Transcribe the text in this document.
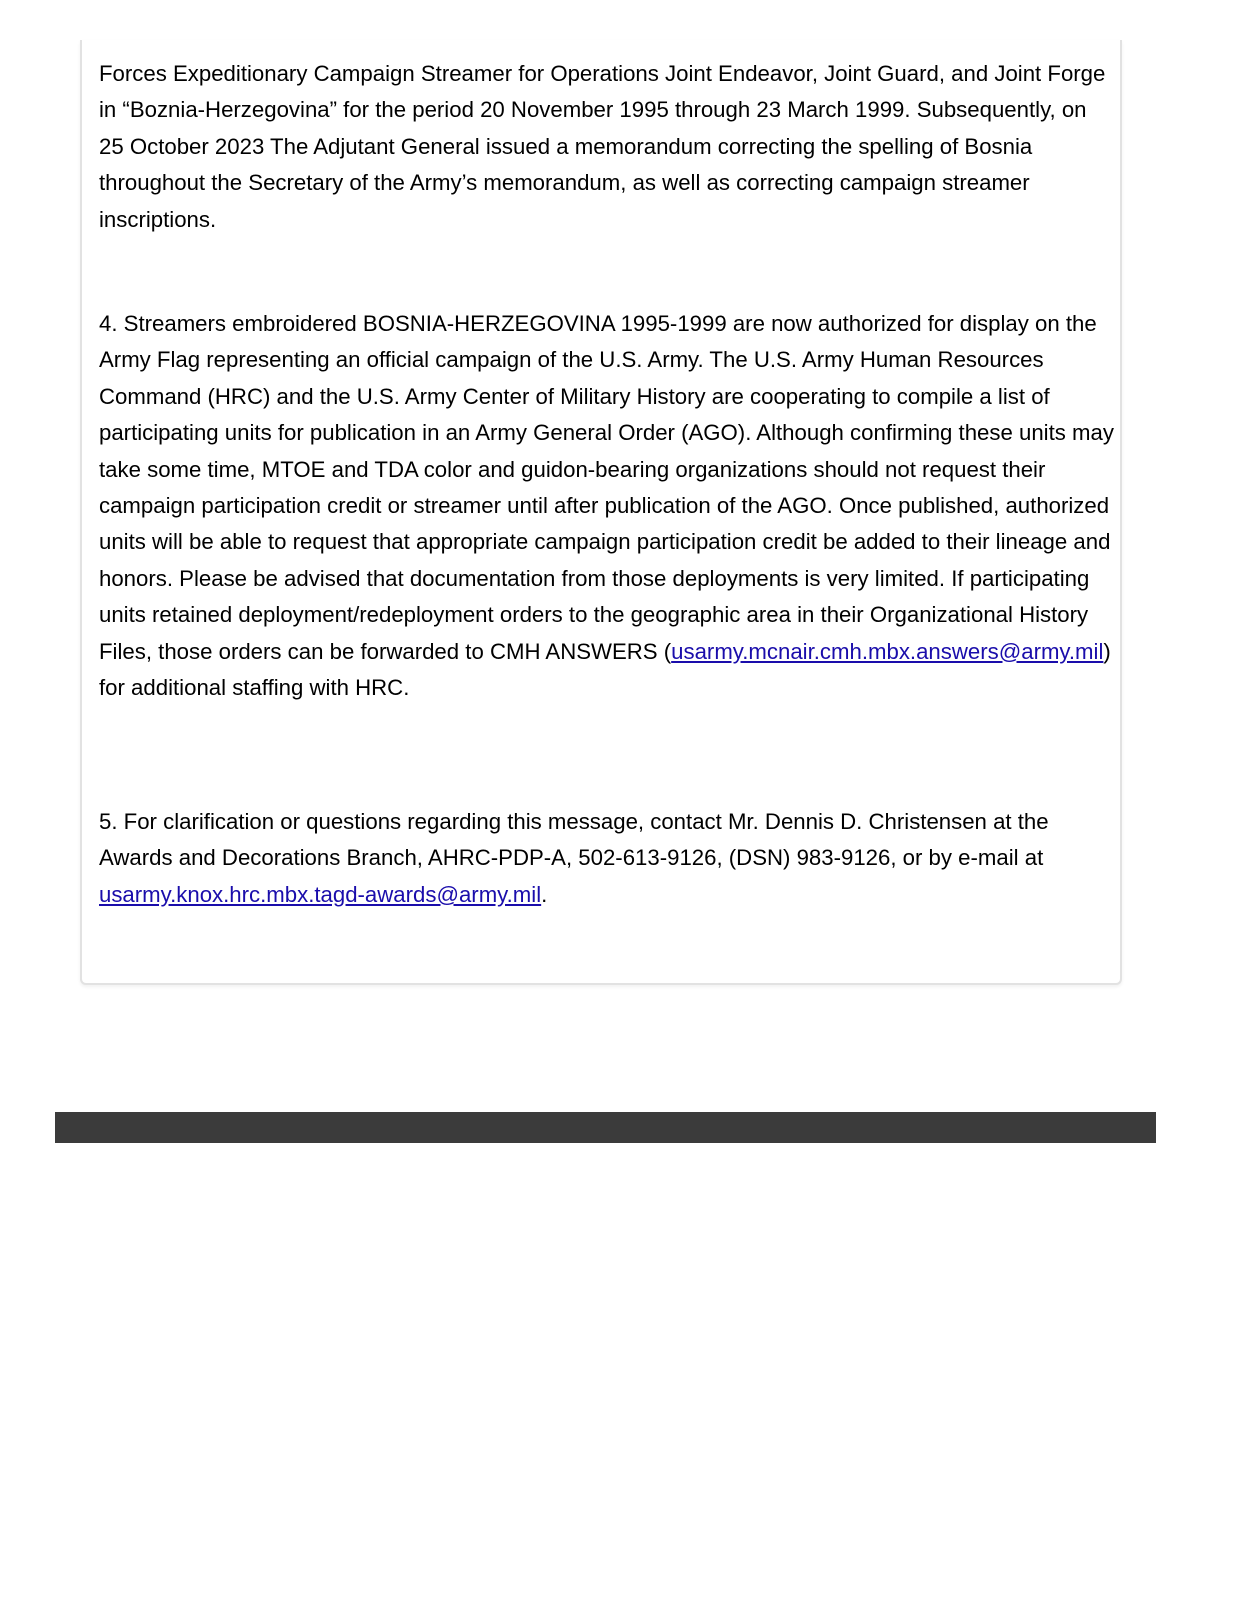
Forces Expeditionary Campaign Streamer for Operations Joint Endeavor, Joint Guard, and Joint Forge in “Boznia-Herzegovina” for the period 20 November 1995 through 23 March 1999. Subsequently, on 25 October 2023 The Adjutant General issued a memorandum correcting the spelling of Bosnia throughout the Secretary of the Army’s memorandum, as well as correcting campaign streamer inscriptions.

4. Streamers embroidered BOSNIA-HERZEGOVINA 1995-1999 are now authorized for display on the Army Flag representing an official campaign of the U.S. Army. The U.S. Army Human Resources Command (HRC) and the U.S. Army Center of Military History are cooperating to compile a list of participating units for publication in an Army General Order (AGO). Although confirming these units may take some time, MTOE and TDA color and guidon-bearing organizations should not request their campaign participation credit or streamer until after publication of the AGO. Once published, authorized units will be able to request that appropriate campaign participation credit be added to their lineage and honors. Please be advised that documentation from those deployments is very limited. If participating units retained deployment/redeployment orders to the geographic area in their Organizational History Files, those orders can be forwarded to CMH ANSWERS (usarmy.mcnair.cmh.mbx.answers@army.mil) for additional staffing with HRC.

5. For clarification or questions regarding this message, contact Mr. Dennis D. Christensen at the Awards and Decorations Branch, AHRC-PDP-A, 502-613-9126, (DSN) 983-9126, or by e-mail at usarmy.knox.hrc.mbx.tagd-awards@army.mil.
